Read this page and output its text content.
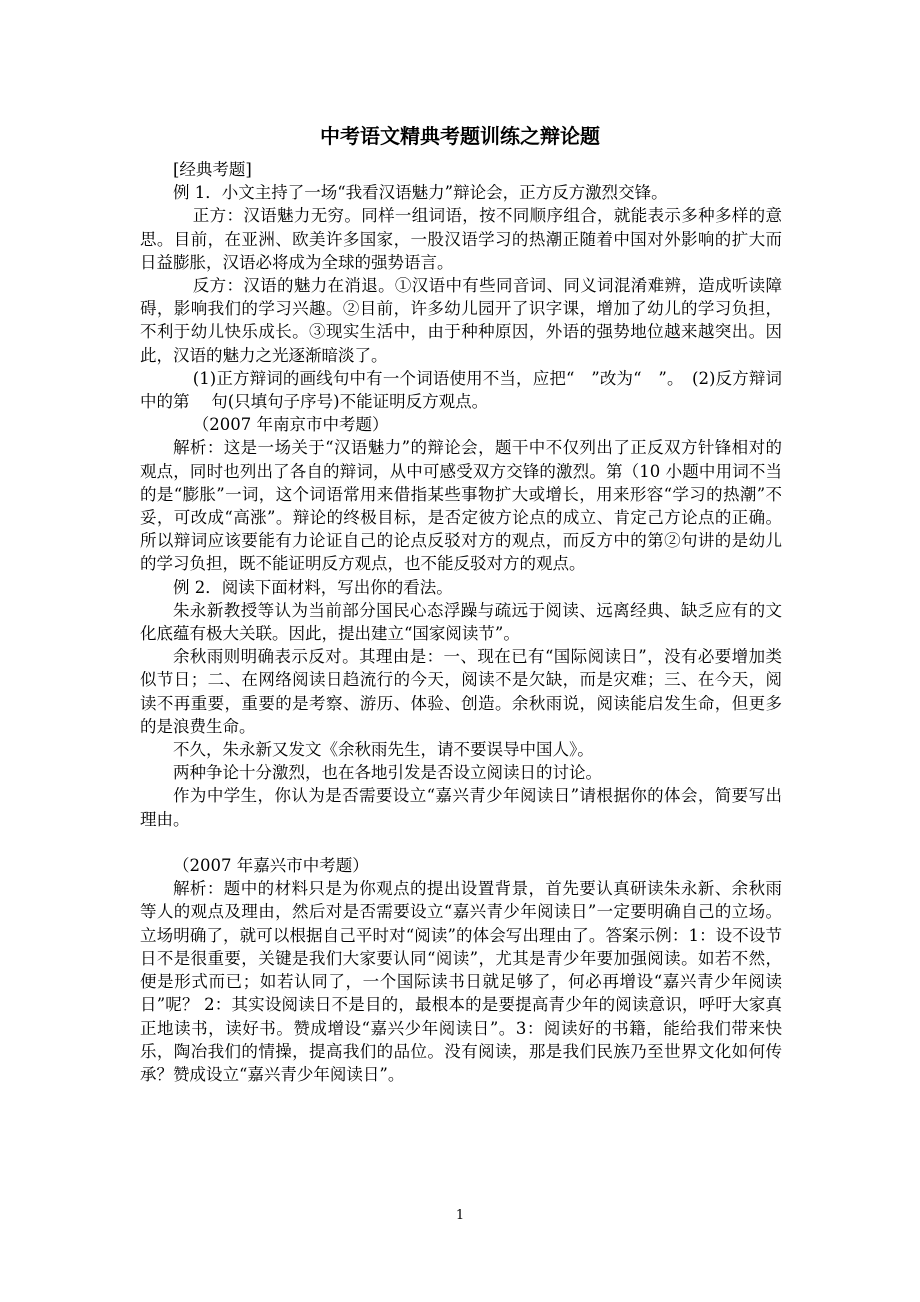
中考语文精典考题训练之辩论题

[经典考题]

例 1．小文主持了一场“我看汉语魅力”辩论会，正方反方激烈交锋。

正方：汉语魅力无穷。同样一组词语，按不同顺序组合，就能表示多种多样的意思。目前，在亚洲、欧美许多国家，一股汉语学习的热潮正随着中国对外影响的扩大而日益膨胀，汉语必将成为全球的强势语言。

反方：汉语的魅力在消退。①汉语中有些同音词、同义词混淆难辨，造成听读障碍，影响我们的学习兴趣。②目前，许多幼儿园开了识字课，增加了幼儿的学习负担，不利于幼儿快乐成长。③现实生活中，由于种种原因，外语的强势地位越来越突出。因此，汉语的魅力之光逐渐暗淡了。

(1)正方辩词的画线句中有一个词语使用不当，应把“　”改为“　”。　(2)反方辩词中的第　 句(只填句子序号)不能证明反方观点。

（2007 年南京市中考题）

解析：这是一场关于“汉语魅力”的辩论会，题干中不仅列出了正反双方针锋相对的观点，同时也列出了各自的辩词，从中可感受双方交锋的激烈。第（10 小题中用词不当的是“膨胀”一词，这个词语常用来借指某些事物扩大或增长，用来形容“学习的热潮”不妥，可改成“高涨”。辩论的终极目标，是否定彼方论点的成立、肯定己方论点的正确。所以辩词应该要能有力论证自己的论点反驳对方的观点，而反方中的第②句讲的是幼儿的学习负担，既不能证明反方观点，也不能反驳对方的观点。

例 2．阅读下面材料，写出你的看法。

朱永新教授等认为当前部分国民心态浮躁与疏远于阅读、远离经典、缺乏应有的文化底蕴有极大关联。因此，提出建立“国家阅读节”。

余秋雨则明确表示反对。其理由是：一、现在已有“国际阅读日”，没有必要增加类似节日；二、在网络阅读日趋流行的今天，阅读不是欠缺，而是灾难；三、在今天，阅读不再重要，重要的是考察、游历、体验、创造。余秋雨说，阅读能启发生命，但更多的是浪费生命。

不久，朱永新又发文《余秋雨先生，请不要误导中国人》。

两种争论十分激烈，也在各地引发是否设立阅读日的讨论。

作为中学生，你认为是否需要设立“嘉兴青少年阅读日”请根据你的体会，简要写出理由。

（2007 年嘉兴市中考题）

解析：题中的材料只是为你观点的提出设置背景，首先要认真研读朱永新、余秋雨等人的观点及理由，然后对是否需要设立“嘉兴青少年阅读日”一定要明确自己的立场。立场明确了，就可以根据自己平时对“阅读”的体会写出理由了。答案示例：1：设不设节日不是很重要，关键是我们大家要认同“阅读”，尤其是青少年要加强阅读。如若不然，便是形式而已；如若认同了，一个国际读书日就足够了，何必再增设“嘉兴青少年阅读日”呢？ 2：其实设阅读日不是目的，最根本的是要提高青少年的阅读意识，呼吁大家真正地读书，读好书。赞成增设“嘉兴少年阅读日”。3：阅读好的书籍，能给我们带来快乐，陶冶我们的情操，提高我们的品位。没有阅读，那是我们民族乃至世界文化如何传承？赞成设立“嘉兴青少年阅读日”。

1
